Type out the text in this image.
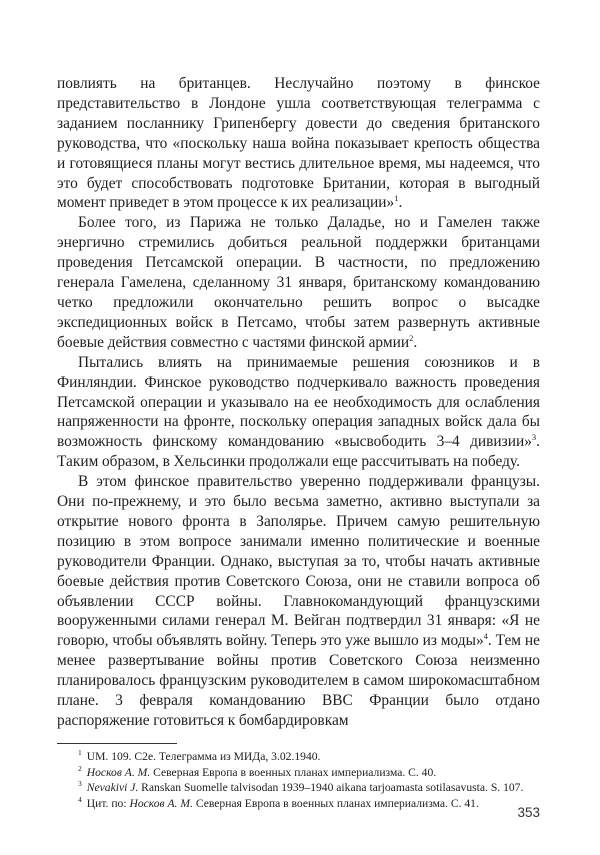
повлиять на британцев. Неслучайно поэтому в финское представительство в Лондоне ушла соответствующая телеграмма с заданием посланнику Грипенбергу довести до сведения британского руководства, что «поскольку наша война показывает крепость общества и готовящиеся планы могут вестись длительное время, мы надеемся, что это будет способствовать подготовке Британии, которая в выгодный момент приведет в этом процессе к их реализации»$^1$.

Более того, из Парижа не только Даладье, но и Гамелен также энергично стремились добиться реальной поддержки британцами проведения Петсамской операции. В частности, по предложению генерала Гамелена, сделанному 31 января, британскому командованию четко предложили окончательно решить вопрос о высадке экспедиционных войск в Петсамо, чтобы затем развернуть активные боевые действия совместно с частями финской армии$^2$.

Пытались влиять на принимаемые решения союзников и в Финляндии. Финское руководство подчеркивало важность проведения Петсамской операции и указывало на ее необходимость для ослабления напряженности на фронте, поскольку операция западных войск дала бы возможность финскому командованию «высвободить 3–4 дивизии»$^3$. Таким образом, в Хельсинки продолжали еще рассчитывать на победу.

В этом финское правительство уверенно поддерживали французы. Они по-прежнему, и это было весьма заметно, активно выступали за открытие нового фронта в Заполярье. Причем самую решительную позицию в этом вопросе занимали именно политические и военные руководители Франции. Однако, выступая за то, чтобы начать активные боевые действия против Советского Союза, они не ставили вопроса об объявлении СССР войны. Главнокомандующий французскими вооруженными силами генерал М. Вейган подтвердил 31 января: «Я не говорю, чтобы объявлять войну. Теперь это уже вышло из моды»$^4$. Тем не менее развертывание войны против Советского Союза неизменно планировалось французским руководителем в самом широкомасштабном плане. 3 февраля командованию ВВС Франции было отдано распоряжение готовиться к бомбардировкам

$^1$ UM. 109. C2e. Телеграмма из МИДа, 3.02.1940.

$^2$ Носков А. М. Северная Европа в военных планах империализма. С. 40.

$^3$ Nevakivi J. Ranskan Suomelle talvisodan 1939–1940 aikana tarjoamasta sotilasavusta. S. 107.

$^4$ Цит. по: Носков А. М. Северная Европа в военных планах империализма. С. 41.

353
